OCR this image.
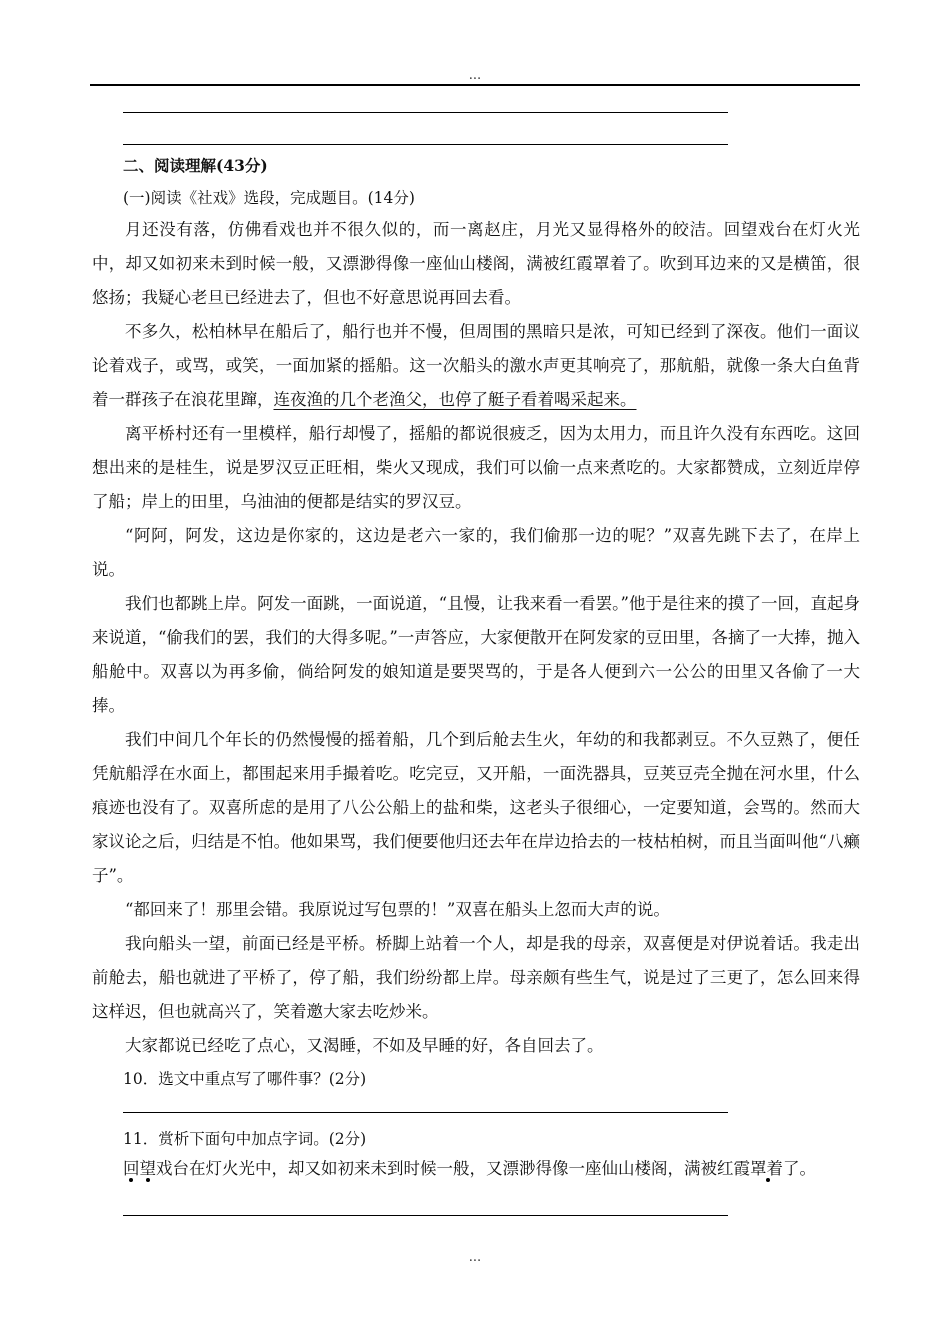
...
二、阅读理解(43分)
(一)阅读《社戏》选段，完成题目。(14分)
月还没有落，仿佛看戏也并不很久似的，而一离赵庄，月光又显得格外的皎洁。回望戏台在灯火光中，却又如初来未到时候一般，又漂渺得像一座仙山楼阁，满被红霞罩着了。吹到耳边来的又是横笛，很悠扬；我疑心老旦已经进去了，但也不好意思说再回去看。
不多久，松柏林早在船后了，船行也并不慢，但周围的黑暗只是浓，可知已经到了深夜。他们一面议论着戏子，或骂，或笑，一面加紧的摇船。这一次船头的激水声更其响亮了，那航船，就像一条大白鱼背着一群孩子在浪花里蹿，连夜渔的几个老渔父，也停了艇子看着喝采起来。
离平桥村还有一里模样，船行却慢了，摇船的都说很疲乏，因为太用力，而且许久没有东西吃。这回想出来的是桂生，说是罗汉豆正旺相，柴火又现成，我们可以偷一点来煮吃的。大家都赞成，立刻近岸停了船；岸上的田里，乌油油的便都是结实的罗汉豆。
“阿阿，阿发，这边是你家的，这边是老六一家的，我们偷那一边的呢？”双喜先跳下去了，在岸上说。
我们也都跳上岸。阿发一面跳，一面说道，“且慢，让我来看一看罢。”他于是往来的摸了一回，直起身来说道，“偷我们的罢，我们的大得多呢。”一声答应，大家便散开在阿发家的豆田里，各摘了一大捧，抛入船舱中。双喜以为再多偷，倘给阿发的娘知道是要哭骂的，于是各人便到六一公公的田里又各偷了一大捧。
我们中间几个年长的仍然慢慢的摇着船，几个到后舱去生火，年幼的和我都剥豆。不久豆熟了，便任凭航船浮在水面上，都围起来用手撮着吃。吃完豆，又开船，一面洗器具，豆荚豆壳全抛在河水里，什么痕迹也没有了。双喜所虑的是用了八公公船上的盐和柴，这老头子很细心，一定要知道，会骂的。然而大家议论之后，归结是不怕。他如果骂，我们便要他归还去年在岸边拾去的一枝枯柏树，而且当面叫他“八癞子”。
“都回来了！那里会错。我原说过写包票的！”双喜在船头上忽而大声的说。
我向船头一望，前面已经是平桥。桥脚上站着一个人，却是我的母亲，双喜便是对伊说着话。我走出前舱去，船也就进了平桥了，停了船，我们纷纷都上岸。母亲颇有些生气，说是过了三更了，怎么回来得这样迟，但也就高兴了，笑着邀大家去吃炒米。
大家都说已经吃了点心，又渴睡，不如及早睡的好，各自回去了。
10．选文中重点写了哪件事？(2分)
11．赏析下面句中加点字词。(2分)
回望戏台在灯火光中，却又如初来未到时候一般，又漂渺得像一座仙山楼阁，满被红霞罩着了。
...
